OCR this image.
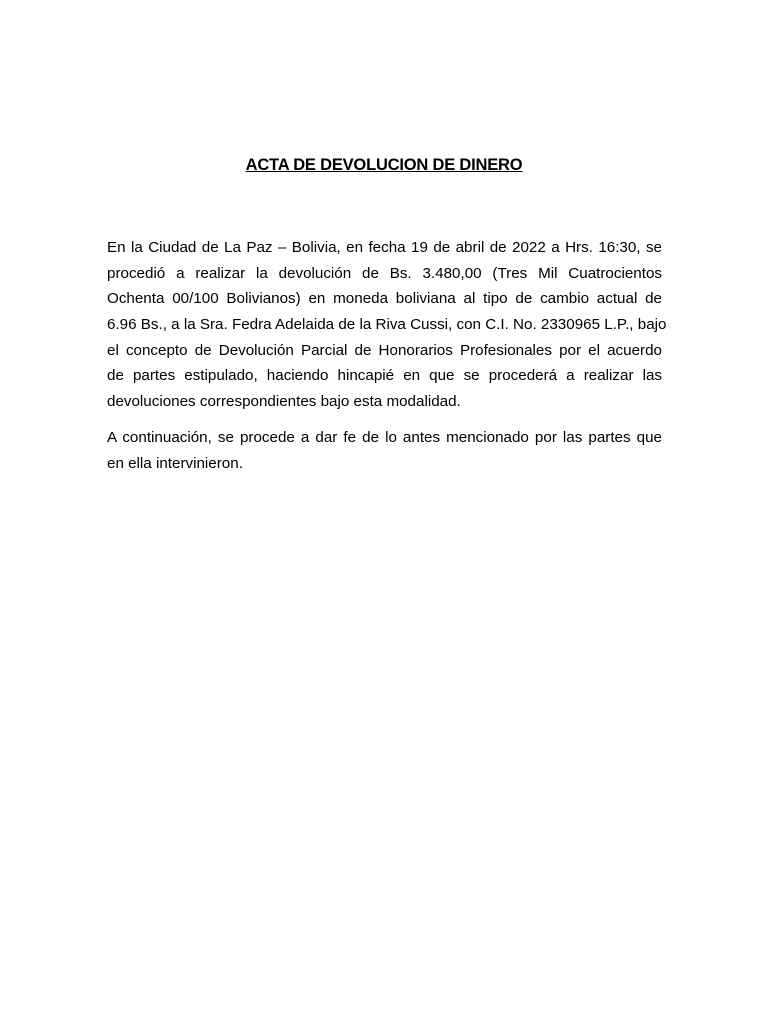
ACTA DE DEVOLUCION DE DINERO
En la Ciudad de La Paz – Bolivia, en fecha 19 de abril de 2022 a Hrs. 16:30, se
procedió a realizar la devolución de Bs. 3.480,00 (Tres Mil Cuatrocientos
Ochenta 00/100 Bolivianos) en moneda boliviana al tipo de cambio actual de
6.96 Bs., a la Sra. Fedra Adelaida de la Riva Cussi, con C.I. No. 2330965 L.P., bajo
el concepto de Devolución Parcial de Honorarios Profesionales por el acuerdo
de partes estipulado, haciendo hincapié en que se procederá a realizar las
devoluciones correspondientes bajo esta modalidad.
A continuación, se procede a dar fe de lo antes mencionado por las partes que
en ella intervinieron.
